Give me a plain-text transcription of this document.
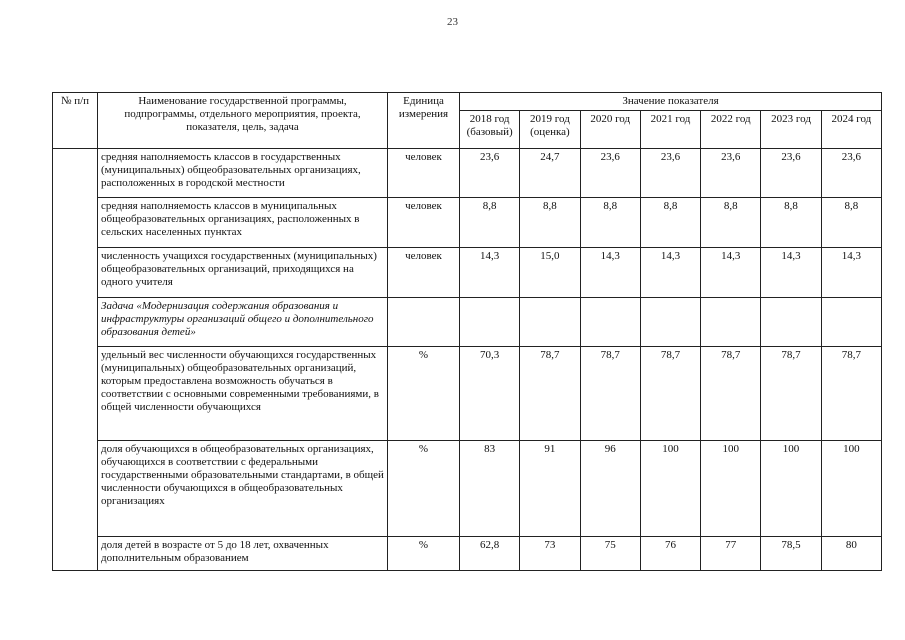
23
№ п/п	Наименование государственной программы, подпрограммы, отдельного мероприятия, проекта, показателя, цель, задача	Единица измерения	Значение показателя						
			2018 год (базовый)	2019 год (оценка)	2020 год	2021 год	2022 год	2023 год	2024 год
	средняя наполняемость классов в государственных (муниципальных) общеобразовательных организациях, расположенных в городской местности	человек	23,6	24,7	23,6	23,6	23,6	23,6	23,6
	средняя наполняемость классов в муниципальных общеобразовательных организациях, расположенных в сельских населенных пунктах	человек	8,8	8,8	8,8	8,8	8,8	8,8	8,8
	численность учащихся государственных (муниципальных) общеобразовательных организаций, приходящихся на одного учителя	человек	14,3	15,0	14,3	14,3	14,3	14,3	14,3
	Задача «Модернизация содержания образования и инфраструктуры организаций общего и дополнительного образования детей»								
	удельный вес численности обучающихся государственных (муниципальных) общеобразовательных организаций, которым предоставлена возможность обучаться в соответствии с основными современными требованиями, в общей численности обучающихся	%	70,3	78,7	78,7	78,7	78,7	78,7	78,7
	доля обучающихся в общеобразовательных организациях, обучающихся в соответствии с федеральными государственными образовательными стандартами, в общей численности обучающихся в общеобразовательных организациях	%	83	91	96	100	100	100	100
	доля детей в возрасте от 5 до 18 лет, охваченных дополнительным образованием	%	62,8	73	75	76	77	78,5	80
